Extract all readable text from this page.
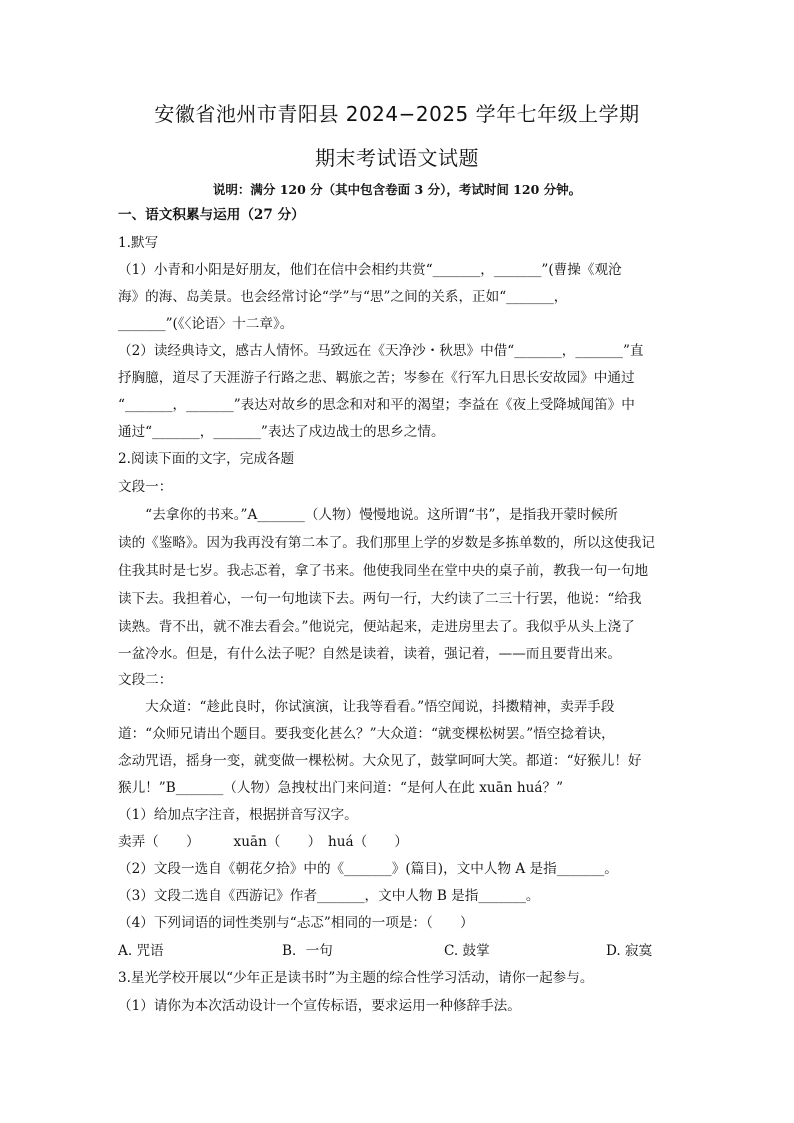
安徽省池州市青阳县 2024−2025 学年七年级上学期
期末考试语文试题
说明：满分 120 分（其中包含卷面 3 分），考试时间 120 分钟。
一、语文积累与运用（27 分）
1.默写
（1）小青和小阳是好朋友，他们在信中会相约共赏“_______，_______”(曹操《观沧
海》的海、岛美景。也会经常讨论“学”与“思”之间的关系，正如“_______，
_______”(《〈论语〉十二章》。
（2）读经典诗文，感古人情怀。马致远在《天净沙・秋思》中借“_______，_______”直
抒胸臆，道尽了天涯游子行路之悲、羁旅之苦；岑参在《行军九日思长安故园》中通过
“_______，_______”表达对故乡的思念和对和平的渴望；李益在《夜上受降城闻笛》中
通过“_______，_______”表达了戍边战士的思乡之情。
2.阅读下面的文字，完成各题
文段一：
　　“去拿你的书来。”A_______（人物）慢慢地说。这所谓“书”，是指我开蒙时候所
读的《鉴略》。因为我再没有第二本了。我们那里上学的岁数是多拣单数的，所以这使我记
住我其时是七岁。我忐忑着，拿了书来。他使我同坐在堂中央的桌子前，教我一句一句地
读下去。我担着心，一句一句地读下去。两句一行，大约读了二三十行罢，他说：“给我
读熟。背不出，就不准去看会。”他说完，便站起来，走进房里去了。我似乎从头上浇了
一盆冷水。但是，有什么法子呢？自然是读着，读着，强记着，——而且要背出来。
文段二：
　　大众道：“趁此良时，你试演演，让我等看看。”悟空闻说，抖擞精神，卖弄手段
道：“众师兄请出个题目。要我变化甚么？”大众道：“就变棵松树罢。”悟空捻着诀，
念动咒语，摇身一变，就变做一棵松树。大众见了，鼓掌呵呵大笑。都道：“好猴儿！好
猴儿！”B_______（人物）急拽杖出门来问道：“是何人在此 xuān huá？”
（1）给加点字注音，根据拼音写汉字。
卖弄（　　）　　　xuān（　　）　huá（　　）
（2）文段一选自《朝花夕拾》中的《_______》(篇目)，文中人物 A 是指_______。
（3）文段二选自《西游记》作者_______，文中人物 B 是指_______。
（4）下列词语的词性类别与“忐忑”相同的一项是：（　　）
A. 咒语	B．一句	C. 鼓掌	D. 寂寞
3.星光学校开展以“少年正是读书时”为主题的综合性学习活动，请你一起参与。
（1）请你为本次活动设计一个宣传标语，要求运用一种修辞手法。
